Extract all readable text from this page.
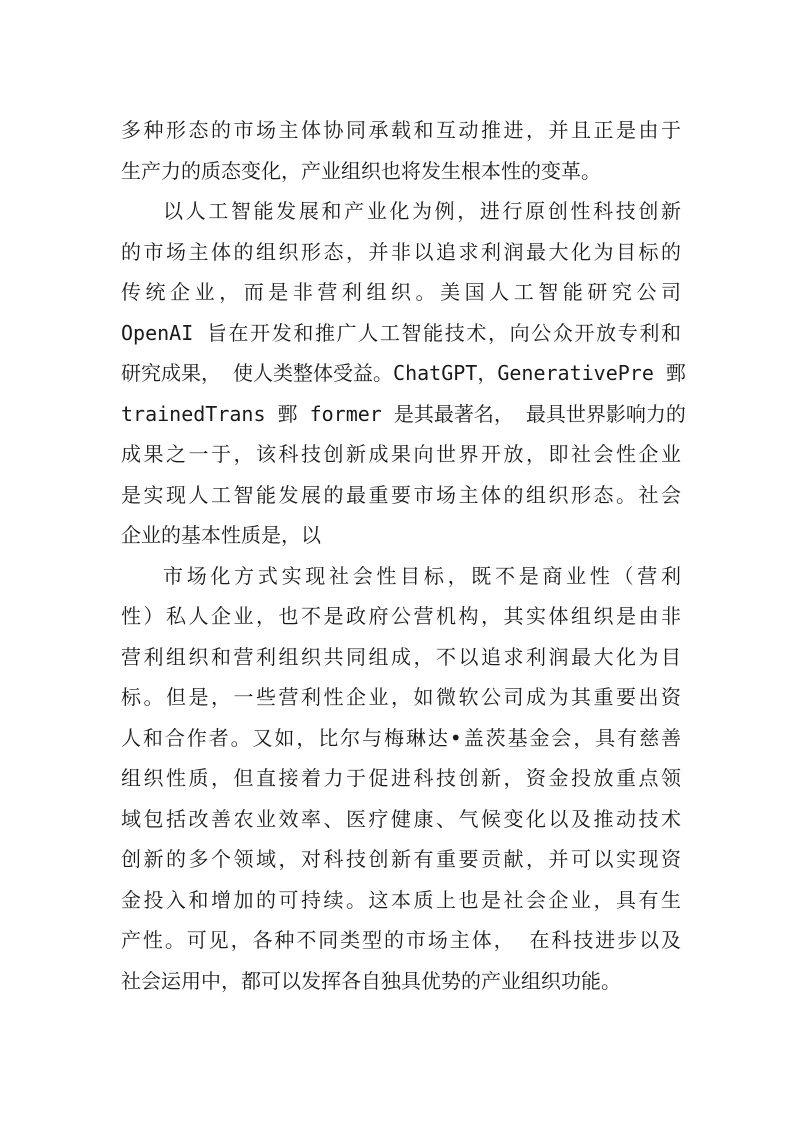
多种形态的市场主体协同承载和互动推进，并且正是由于
生产力的质态变化，产业组织也将发生根本性的变革。
以人工智能发展和产业化为例，进行原创性科技创新
的市场主体的组织形态，并非以追求利润最大化为目标的
传统企业，而是非营利组织。美国人工智能研究公司
OpenAI 旨在开发和推广人工智能技术，向公众开放专利和
研究成果， 使人类整体受益。ChatGPT，GenerativePre 鄄
trainedTrans 鄄 former 是其最著名， 最具世界影响力的
成果之一于，该科技创新成果向世界开放，即社会性企业
是实现人工智能发展的最重要市场主体的组织形态。社会
企业的基本性质是，以
市场化方式实现社会性目标，既不是商业性（营利
性）私人企业，也不是政府公营机构，其实体组织是由非
营利组织和营利组织共同组成，不以追求利润最大化为目
标。但是，一些营利性企业，如微软公司成为其重要出资
人和合作者。又如，比尔与梅琳达•盖茨基金会，具有慈善
组织性质，但直接着力于促进科技创新，资金投放重点领
域包括改善农业效率、医疗健康、气候变化以及推动技术
创新的多个领域，对科技创新有重要贡献，并可以实现资
金投入和增加的可持续。这本质上也是社会企业，具有生
产性。可见，各种不同类型的市场主体， 在科技进步以及
社会运用中，都可以发挥各自独具优势的产业组织功能。
